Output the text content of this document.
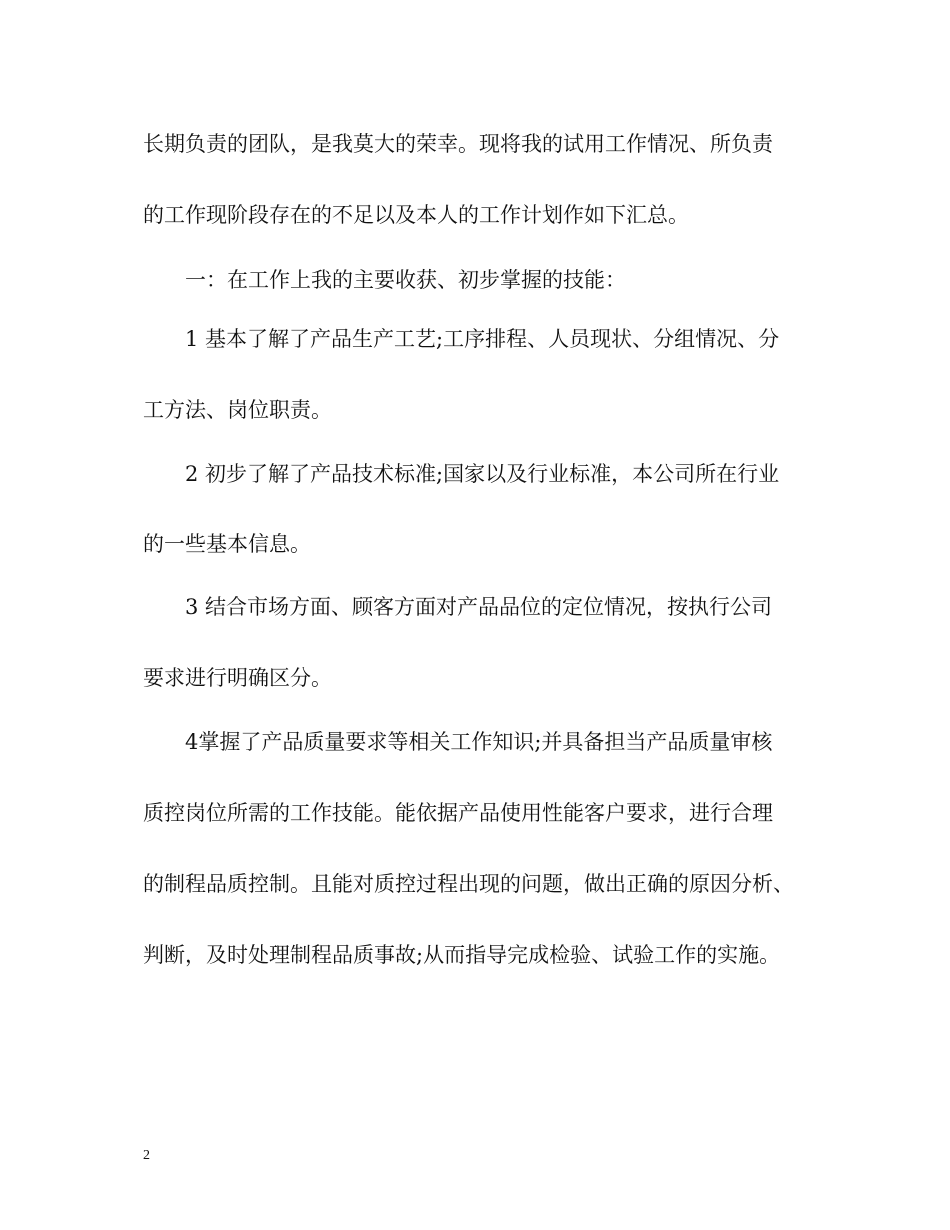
长期负责的团队，是我莫大的荣幸。现将我的试用工作情况、所负责
的工作现阶段存在的不足以及本人的工作计划作如下汇总。
一：在工作上我的主要收获、初步掌握的技能：
1 基本了解了产品生产工艺;工序排程、人员现状、分组情况、分
工方法、岗位职责。
2 初步了解了产品技术标准;国家以及行业标准，本公司所在行业
的一些基本信息。
3 结合市场方面、顾客方面对产品品位的定位情况，按执行公司
要求进行明确区分。
4掌握了产品质量要求等相关工作知识;并具备担当产品质量审核
质控岗位所需的工作技能。能依据产品使用性能客户要求，进行合理
的制程品质控制。且能对质控过程出现的问题，做出正确的原因分析、
判断，及时处理制程品质事故;从而指导完成检验、试验工作的实施。
2
